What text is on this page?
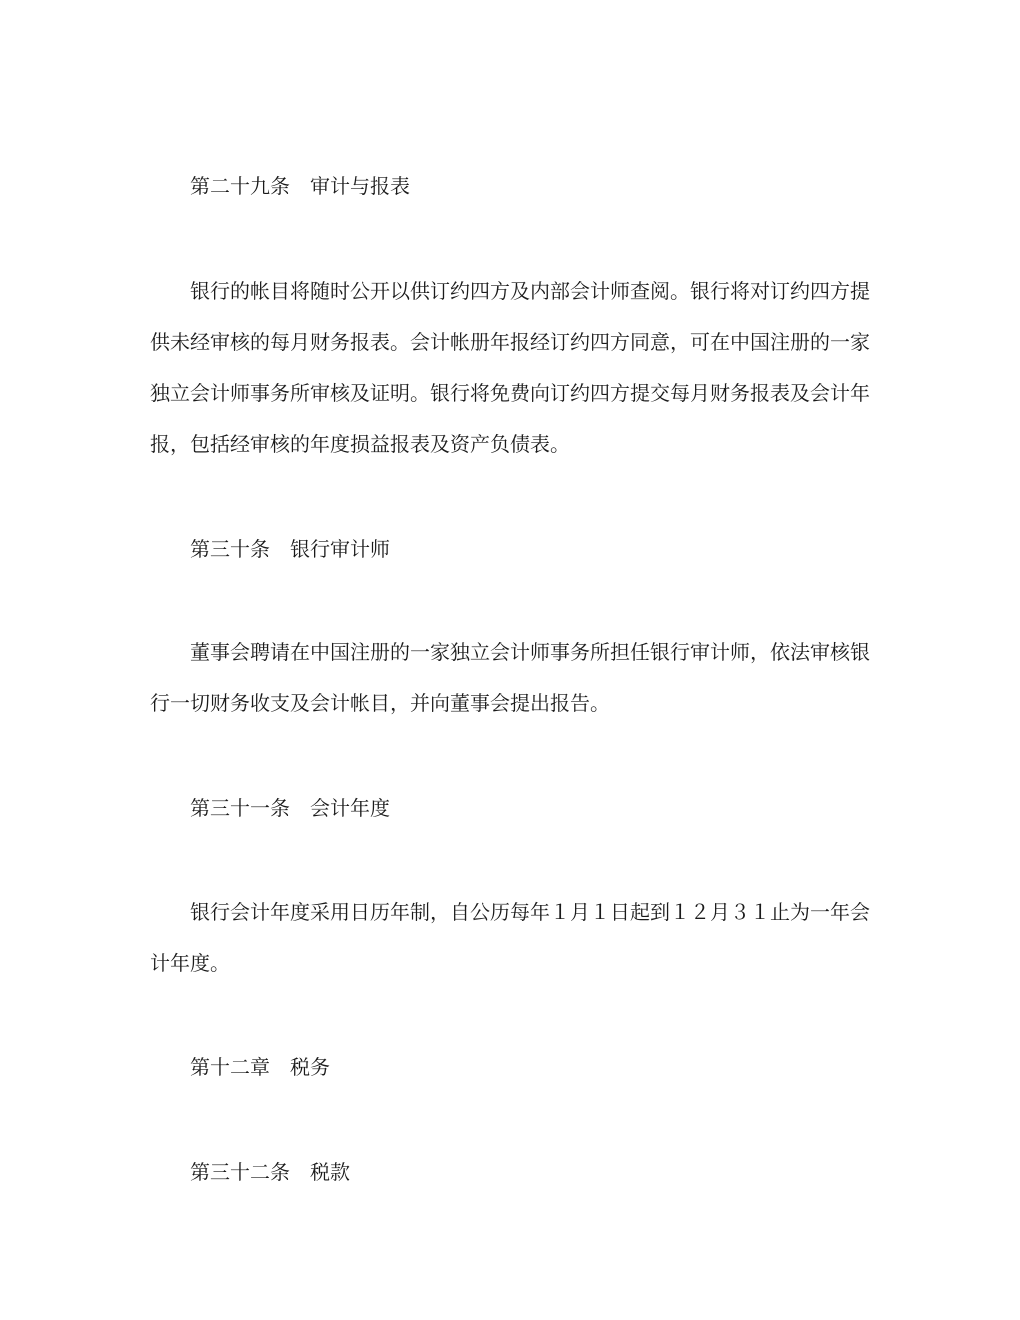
第二十九条　审计与报表
　　银行的帐目将随时公开以供订约四方及内部会计师查阅。银行将对订约四方提
供未经审核的每月财务报表。会计帐册年报经订约四方同意，可在中国注册的一家
独立会计师事务所审核及证明。银行将免费向订约四方提交每月财务报表及会计年
报，包括经审核的年度损益报表及资产负债表。
第三十条　银行审计师
　　董事会聘请在中国注册的一家独立会计师事务所担任银行审计师，依法审核银
行一切财务收支及会计帐目，并向董事会提出报告。
第三十一条　会计年度
　　银行会计年度采用日历年制，自公历每年１月１日起到１２月３１止为一年会
计年度。
第十二章　税务
第三十二条　税款
